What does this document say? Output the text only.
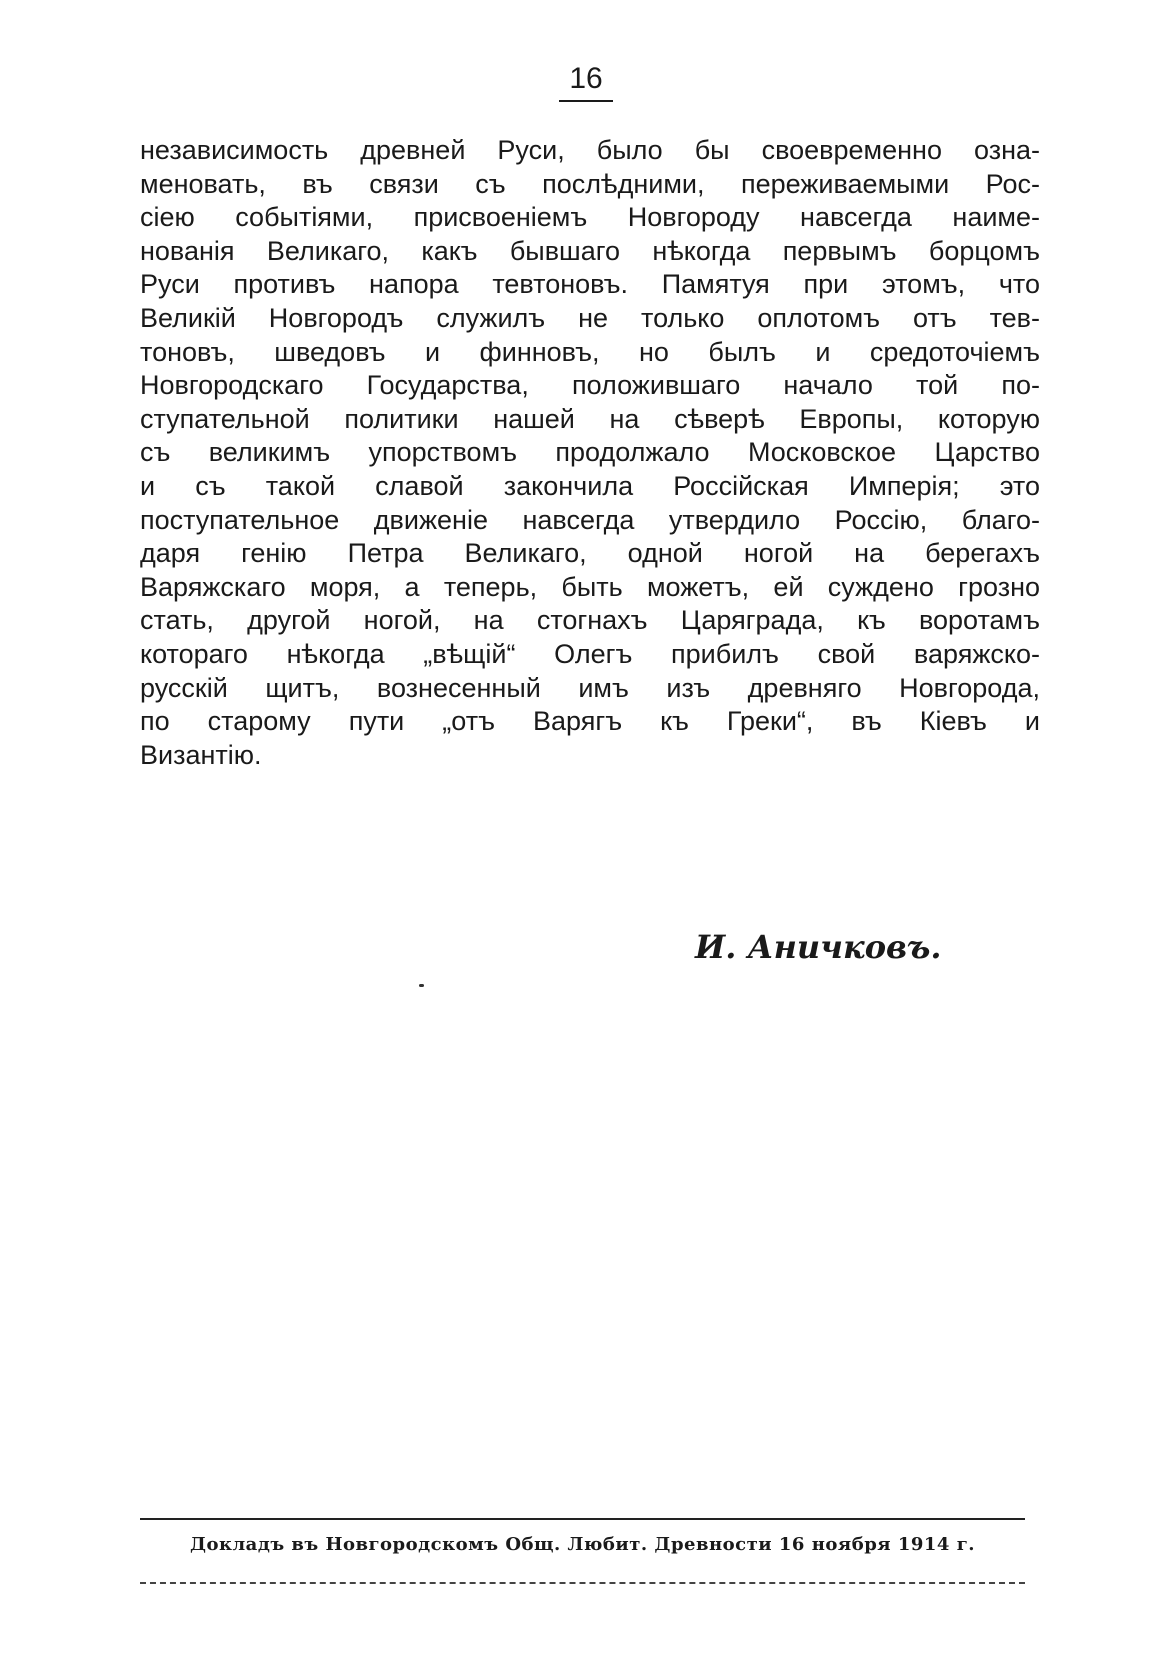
16
независимость древней Руси, было бы своевременно озна-
меновать, въ связи съ послѣдними, переживаемыми Рос-
сіею событіями, присвоеніемъ Новгороду навсегда наиме-
нованія Великаго, какъ бывшаго нѣкогда первымъ борцомъ
Руси противъ напора тевтоновъ. Памятуя при этомъ, что
Великій Новгородъ служилъ не только оплотомъ отъ тев-
тоновъ, шведовъ и финновъ, но былъ и средоточіемъ
Новгородскаго Государства, положившаго начало той по-
ступательной политики нашей на сѣверѣ Европы, которую
съ великимъ упорствомъ продолжало Московское Царство
и съ такой славой закончила Россійская Имперія; это
поступательное движеніе навсегда утвердило Россію, благо-
даря генію Петра Великаго, одной ногой на берегахъ
Варяжскаго моря, а теперь, быть можетъ, ей суждено грозно
стать, другой ногой, на стогнахъ Царяграда, къ воротамъ
котораго нѣкогда „вѣщій“ Олегъ прибилъ свой варяжско-
русскій щитъ, вознесенный имъ изъ древняго Новгорода,
по старому пути „отъ Варягъ къ Греки“, въ Кіевъ и
Византію.
И. Аничковъ.
Докладъ въ Новгородскомъ Общ. Любит. Древности 16 ноября 1914 г.
